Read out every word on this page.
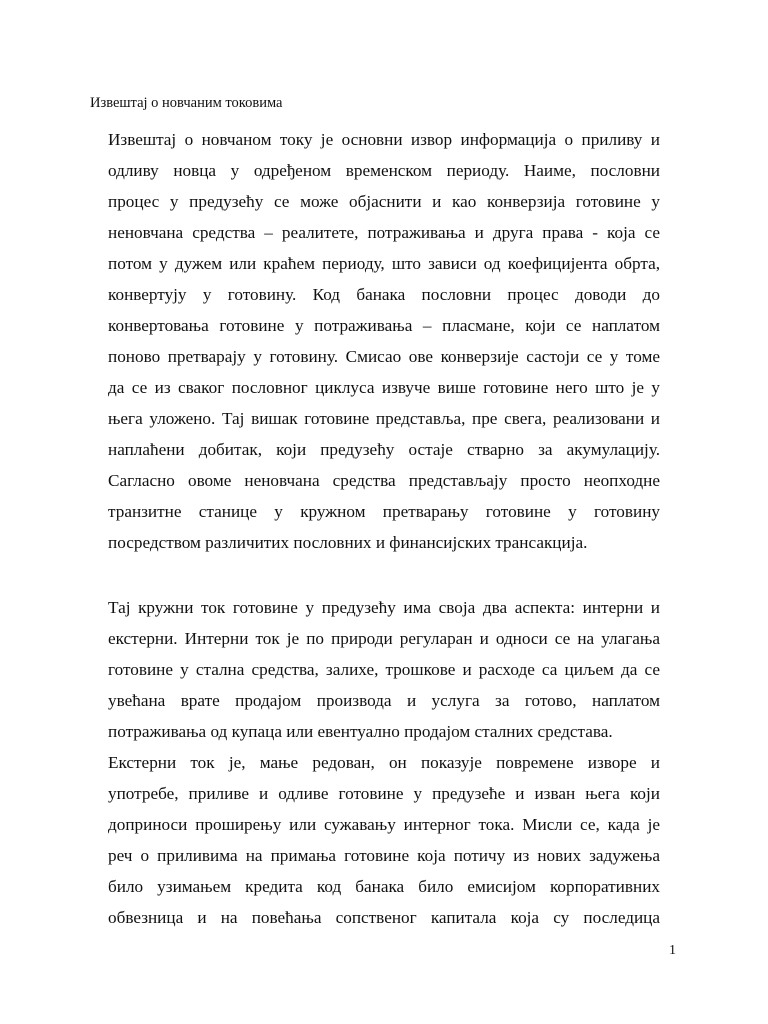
Извештај о новчаним токовима
Извештај о новчаном току је основни извор информација о приливу и
одливу новца у одређеном временском периоду. Наиме, пословни
процес у предузећу се може објаснити и као конверзија готовине у
неновчана средства – реалитете, потраживања и друга права - која се
потом у дужем или краћем периоду, што зависи од коефицијента обрта,
конвертују у готовину. Код банака пословни процес доводи до
конвертовања готовине у потраживања – пласмане, који се наплатом
поново претварају у готовину. Смисао ове конверзије састоји се у томе
да се из сваког пословног циклуса извуче више готовине него што је у
њега уложено. Тај вишак готовине представља, пре свега, реализовани и
наплаћени добитак, који предузећу остаје стварно за акумулацију.
Сагласно овоме неновчана средства представљају просто неопходне
транзитне станице у кружном претварању готовине у готовину
посредством различитих пословних и финансијских трансакција.
Тај кружни ток готовине у предузећу има своја два аспекта: интерни и
екстерни. Интерни ток је по природи регуларан и односи се на улагања
готовине у стална средства, залихе, трошкове и расходе са циљем да се
увећана врате продајом производа и услуга за готово, наплатом
потраживања од купаца или евентуално продајом сталних средстава.
Екстерни ток је, мање редован, он показује повремене изворе и
употребе, приливе и одливе готовине у предузеће и изван њега који
доприноси проширењу или сужавању интерног тока. Мисли се, када је
реч о приливима на примања готовине која потичу из нових задужења
било узимањем кредита код банака било емисијом корпоративних
обвезница и на повећања сопственог капитала која су последица
1
